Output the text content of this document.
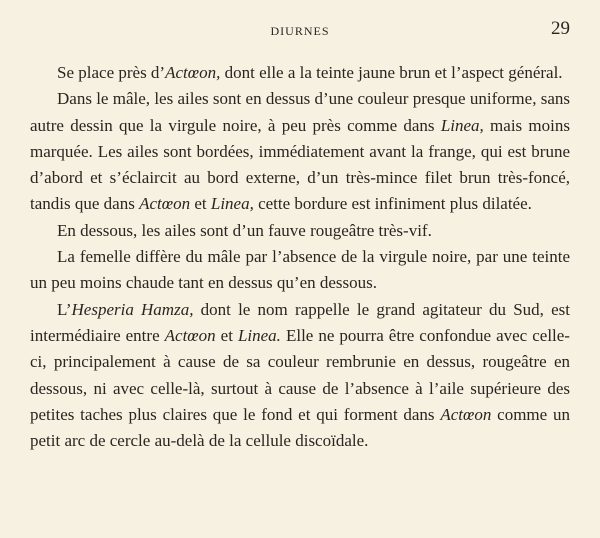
DIURNES	29

Se place près d’Actœon, dont elle a la teinte jaune brun et l’aspect général.

Dans le mâle, les ailes sont en dessus d’une couleur presque uniforme, sans autre dessin que la virgule noire, à peu près comme dans Linea, mais moins marquée. Les ailes sont bordées, immédiatement avant la frange, qui est brune d’abord et s’éclaircit au bord externe, d’un très-mince filet brun très-foncé, tandis que dans Actœon et Linea, cette bordure est infiniment plus dilatée.

En dessous, les ailes sont d’un fauve rougeâtre très-vif.

La femelle diffère du mâle par l’absence de la virgule noire, par une teinte un peu moins chaude tant en dessus qu’en dessous.

L’Hesperia Hamza, dont le nom rappelle le grand agitateur du Sud, est intermédiaire entre Actœon et Linea. Elle ne pourra être confondue avec celle-ci, principalement à cause de sa couleur rembrunie en dessus, rougeâtre en dessous, ni avec celle-là, surtout à cause de l’absence à l’aile supérieure des petites taches plus claires que le fond et qui forment dans Actœon comme un petit arc de cercle au-delà de la cellule discoïdale.
